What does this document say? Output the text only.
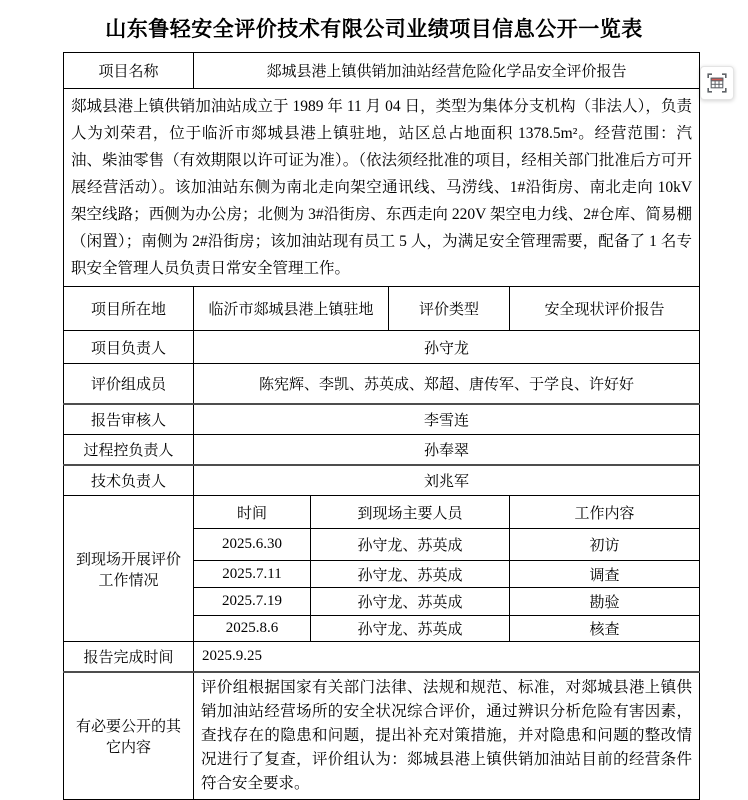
山东鲁轻安全评价技术有限公司业绩项目信息公开一览表
项目名称	郯城县港上镇供销加油站经营危险化学品安全评价报告			
郯城县港上镇供销加油站成立于 1989 年 11 月 04 日，类型为集体分支机构（非法人），负责人为刘荣君，位于临沂市郯城县港上镇驻地，站区总占地面积 1378.5m²。经营范围：汽油、柴油零售（有效期限以许可证为准）。（依法须经批准的项目，经相关部门批准后方可开展经营活动）。该加油站东侧为南北走向架空通讯线、马涝线、1#沿街房、南北走向 10kV 架空线路；西侧为办公房；北侧为 3#沿街房、东西走向 220V 架空电力线、2#仓库、简易棚（闲置）；南侧为 2#沿街房；该加油站现有员工 5 人，为满足安全管理需要，配备了 1 名专职安全管理人员负责日常安全管理工作。				
项目所在地	临沂市郯城县港上镇驻地		评价类型	安全现状评价报告
项目负责人	孙守龙			
评价组成员	陈宪辉、李凯、苏英成、郑超、唐传军、于学良、许好好			
报告审核人	李雪连			
过程控负责人	孙奉翠			
技术负责人	刘兆军			
到现场开展评价工作情况	时间	到现场主要人员		工作内容
	2025.6.30	孙守龙、苏英成		初访
	2025.7.11	孙守龙、苏英成		调查
	2025.7.19	孙守龙、苏英成		勘验
	2025.8.6	孙守龙、苏英成		核查
报告完成时间	2025.9.25			
有必要公开的其它内容	评价组根据国家有关部门法律、法规和规范、标准，对郯城县港上镇供销加油站经营场所的安全状况综合评价，通过辨识分析危险有害因素，查找存在的隐患和问题，提出补充对策措施，并对隐患和问题的整改情况进行了复查，评价组认为：郯城县港上镇供销加油站目前的经营条件符合安全要求。			
